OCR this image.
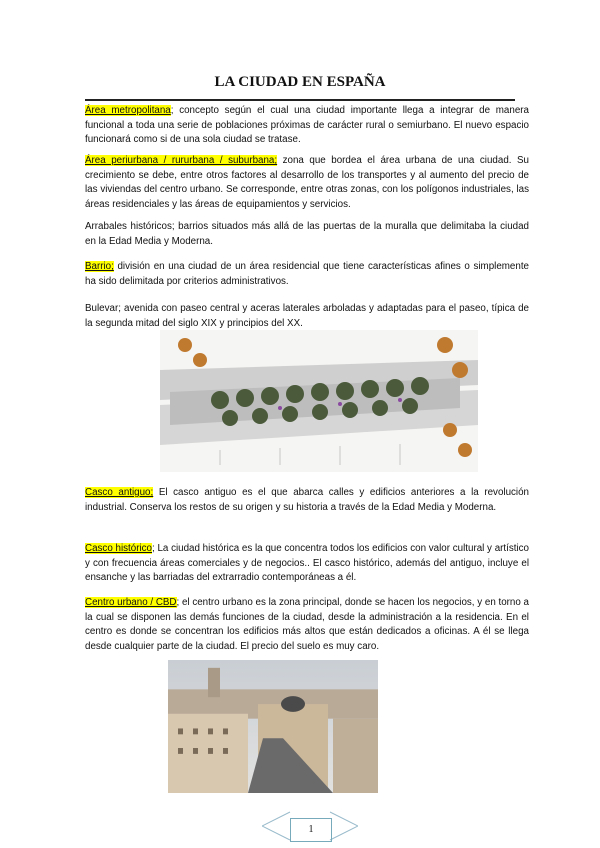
LA CIUDAD EN ESPAÑA
Área metropolitana; concepto según el cual una ciudad importante llega a integrar de manera funcional a toda una serie de poblaciones próximas de carácter rural o semiurbano. El nuevo espacio funcionará como si de una sola ciudad se tratase.
Área periurbana / rururbana / suburbana; zona que bordea el área urbana de una ciudad. Su crecimiento se debe, entre otros factores al desarrollo de los transportes y al aumento del precio de las viviendas del centro urbano. Se corresponde, entre otras zonas, con los polígonos industriales, las áreas residenciales y las áreas de equipamientos y servicios.
Arrabales históricos; barrios situados más allá de las puertas de la muralla que delimitaba la ciudad en la Edad Media y Moderna.
Barrio; división en una ciudad de un área residencial que tiene características afines o simplemente ha sido delimitada por criterios administrativos.
Bulevar; avenida con paseo central y aceras laterales arboladas y adaptadas para el paseo, típica de la segunda mitad del siglo XIX y principios del XX.
Casco antiguo; El casco antiguo es el que abarca calles y edificios anteriores a la revolución industrial. Conserva los restos de su origen y su historia a través de la Edad Media y Moderna.
Casco histórico; La ciudad histórica es la que concentra todos los edificios con valor cultural y artístico y con frecuencia áreas comerciales y de negocios.. El casco histórico, además del antiguo, incluye el ensanche y las barriadas del extrarradio contemporáneas a él.
Centro urbano / CBD; el centro urbano es la zona principal, donde se hacen los negocios, y en torno a la cual se disponen las demás funciones de la ciudad, desde la administración a la residencia. En el centro es donde se concentran los edificios más altos que están dedicados a oficinas. A él se llega desde cualquier parte de la ciudad. El precio del suelo es muy caro.
1
